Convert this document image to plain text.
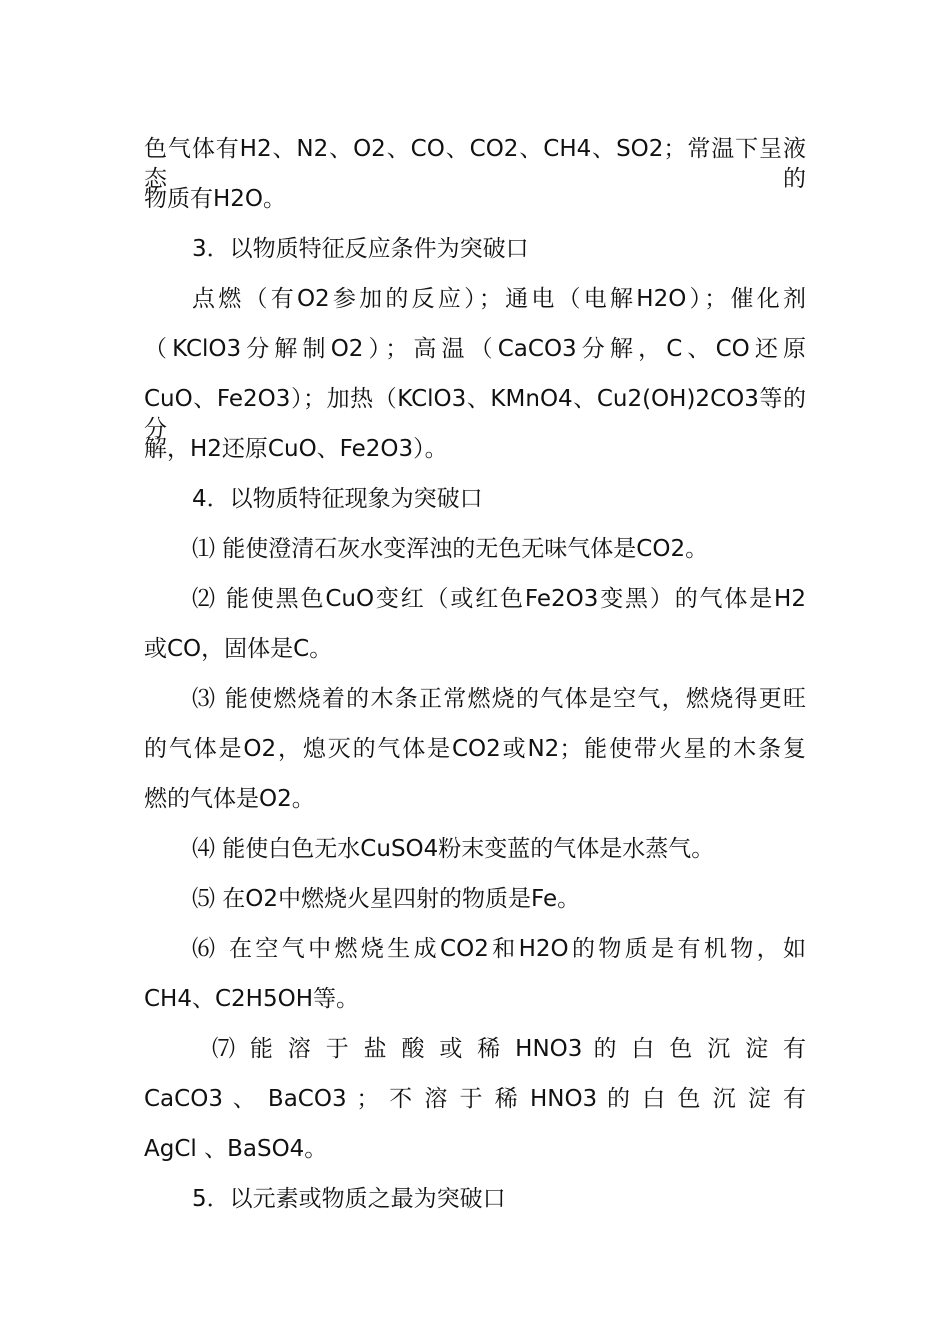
色气体有H2、N2、O2、CO、CO2、CH4、SO2；常温下呈液态的
物质有H2O。
3．以物质特征反应条件为突破口
点燃（有O2参加的反应）；通电（电解H2O）；催化剂
（KClO3分解制O2）；高温（CaCO3分解，C、CO还原
CuO、Fe2O3）；加热（KClO3、KMnO4、Cu2(OH)2CO3等的分
解，H2还原CuO、Fe2O3）。
4．以物质特征现象为突破口
⑴ 能使澄清石灰水变浑浊的无色无味气体是CO2。
⑵ 能使黑色CuO变红（或红色Fe2O3变黑）的气体是H2
或CO，固体是C。
⑶ 能使燃烧着的木条正常燃烧的气体是空气，燃烧得更旺
的气体是O2，熄灭的气体是CO2或N2；能使带火星的木条复
燃的气体是O2。
⑷ 能使白色无水CuSO4粉末变蓝的气体是水蒸气。
⑸ 在O2中燃烧火星四射的物质是Fe。
⑹ 在空气中燃烧生成CO2和H2O的物质是有机物，如
CH4、C2H5OH等。
⑺ 能 溶 于 盐 酸 或 稀 HNO3 的 白 色 沉 淀 有
CaCO3 、 BaCO3 ； 不 溶 于 稀 HNO3 的 白 色 沉 淀 有
AgCl 、BaSO4。
5．以元素或物质之最为突破口
